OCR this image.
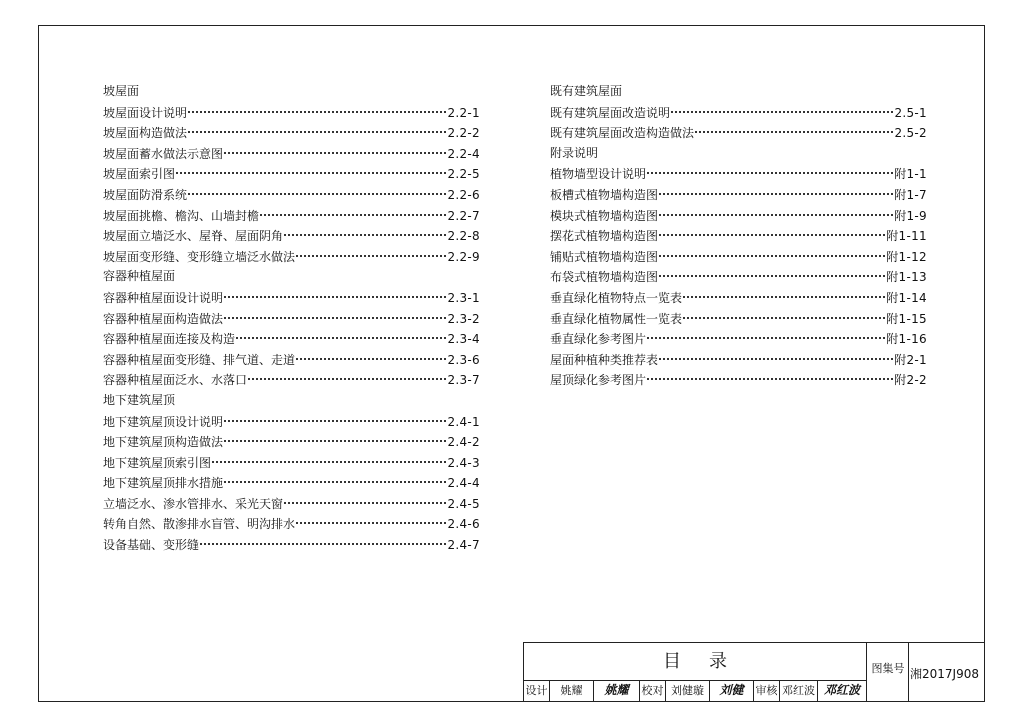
坡屋面
坡屋面设计说明	2.2-1
坡屋面构造做法	2.2-2
坡屋面蓄水做法示意图	2.2-4
坡屋面索引图	2.2-5
坡屋面防滑系统	2.2-6
坡屋面挑檐、檐沟、山墙封檐	2.2-7
坡屋面立墙泛水、屋脊、屋面阴角	2.2-8
坡屋面变形缝、变形缝立墙泛水做法	2.2-9
容器种植屋面
容器种植屋面设计说明	2.3-1
容器种植屋面构造做法	2.3-2
容器种植屋面连接及构造	2.3-4
容器种植屋面变形缝、排气道、走道	2.3-6
容器种植屋面泛水、水落口	2.3-7
地下建筑屋顶
地下建筑屋顶设计说明	2.4-1
地下建筑屋顶构造做法	2.4-2
地下建筑屋顶索引图	2.4-3
地下建筑屋顶排水措施	2.4-4
立墙泛水、渗水管排水、采光天窗	2.4-5
转角自然、散渗排水盲管、明沟排水	2.4-6
设备基础、变形缝	2.4-7
既有建筑屋面
既有建筑屋面改造说明	2.5-1
既有建筑屋面改造构造做法	2.5-2
附录说明
植物墙型设计说明	附1-1
板槽式植物墙构造图	附1-7
模块式植物墙构造图	附1-9
摆花式植物墙构造图	附1-11
铺贴式植物墙构造图	附1-12
布袋式植物墙构造图	附1-13
垂直绿化植物特点一览表	附1-14
垂直绿化植物属性一览表	附1-15
垂直绿化参考图片	附1-16
屋面种植种类推荐表	附2-1
屋顶绿化参考图片	附2-2
目录
设计	姚耀	姚耀	校对 刘健璇	刘健	审核 邓红波 邓红波
图集号 湘2017J908
